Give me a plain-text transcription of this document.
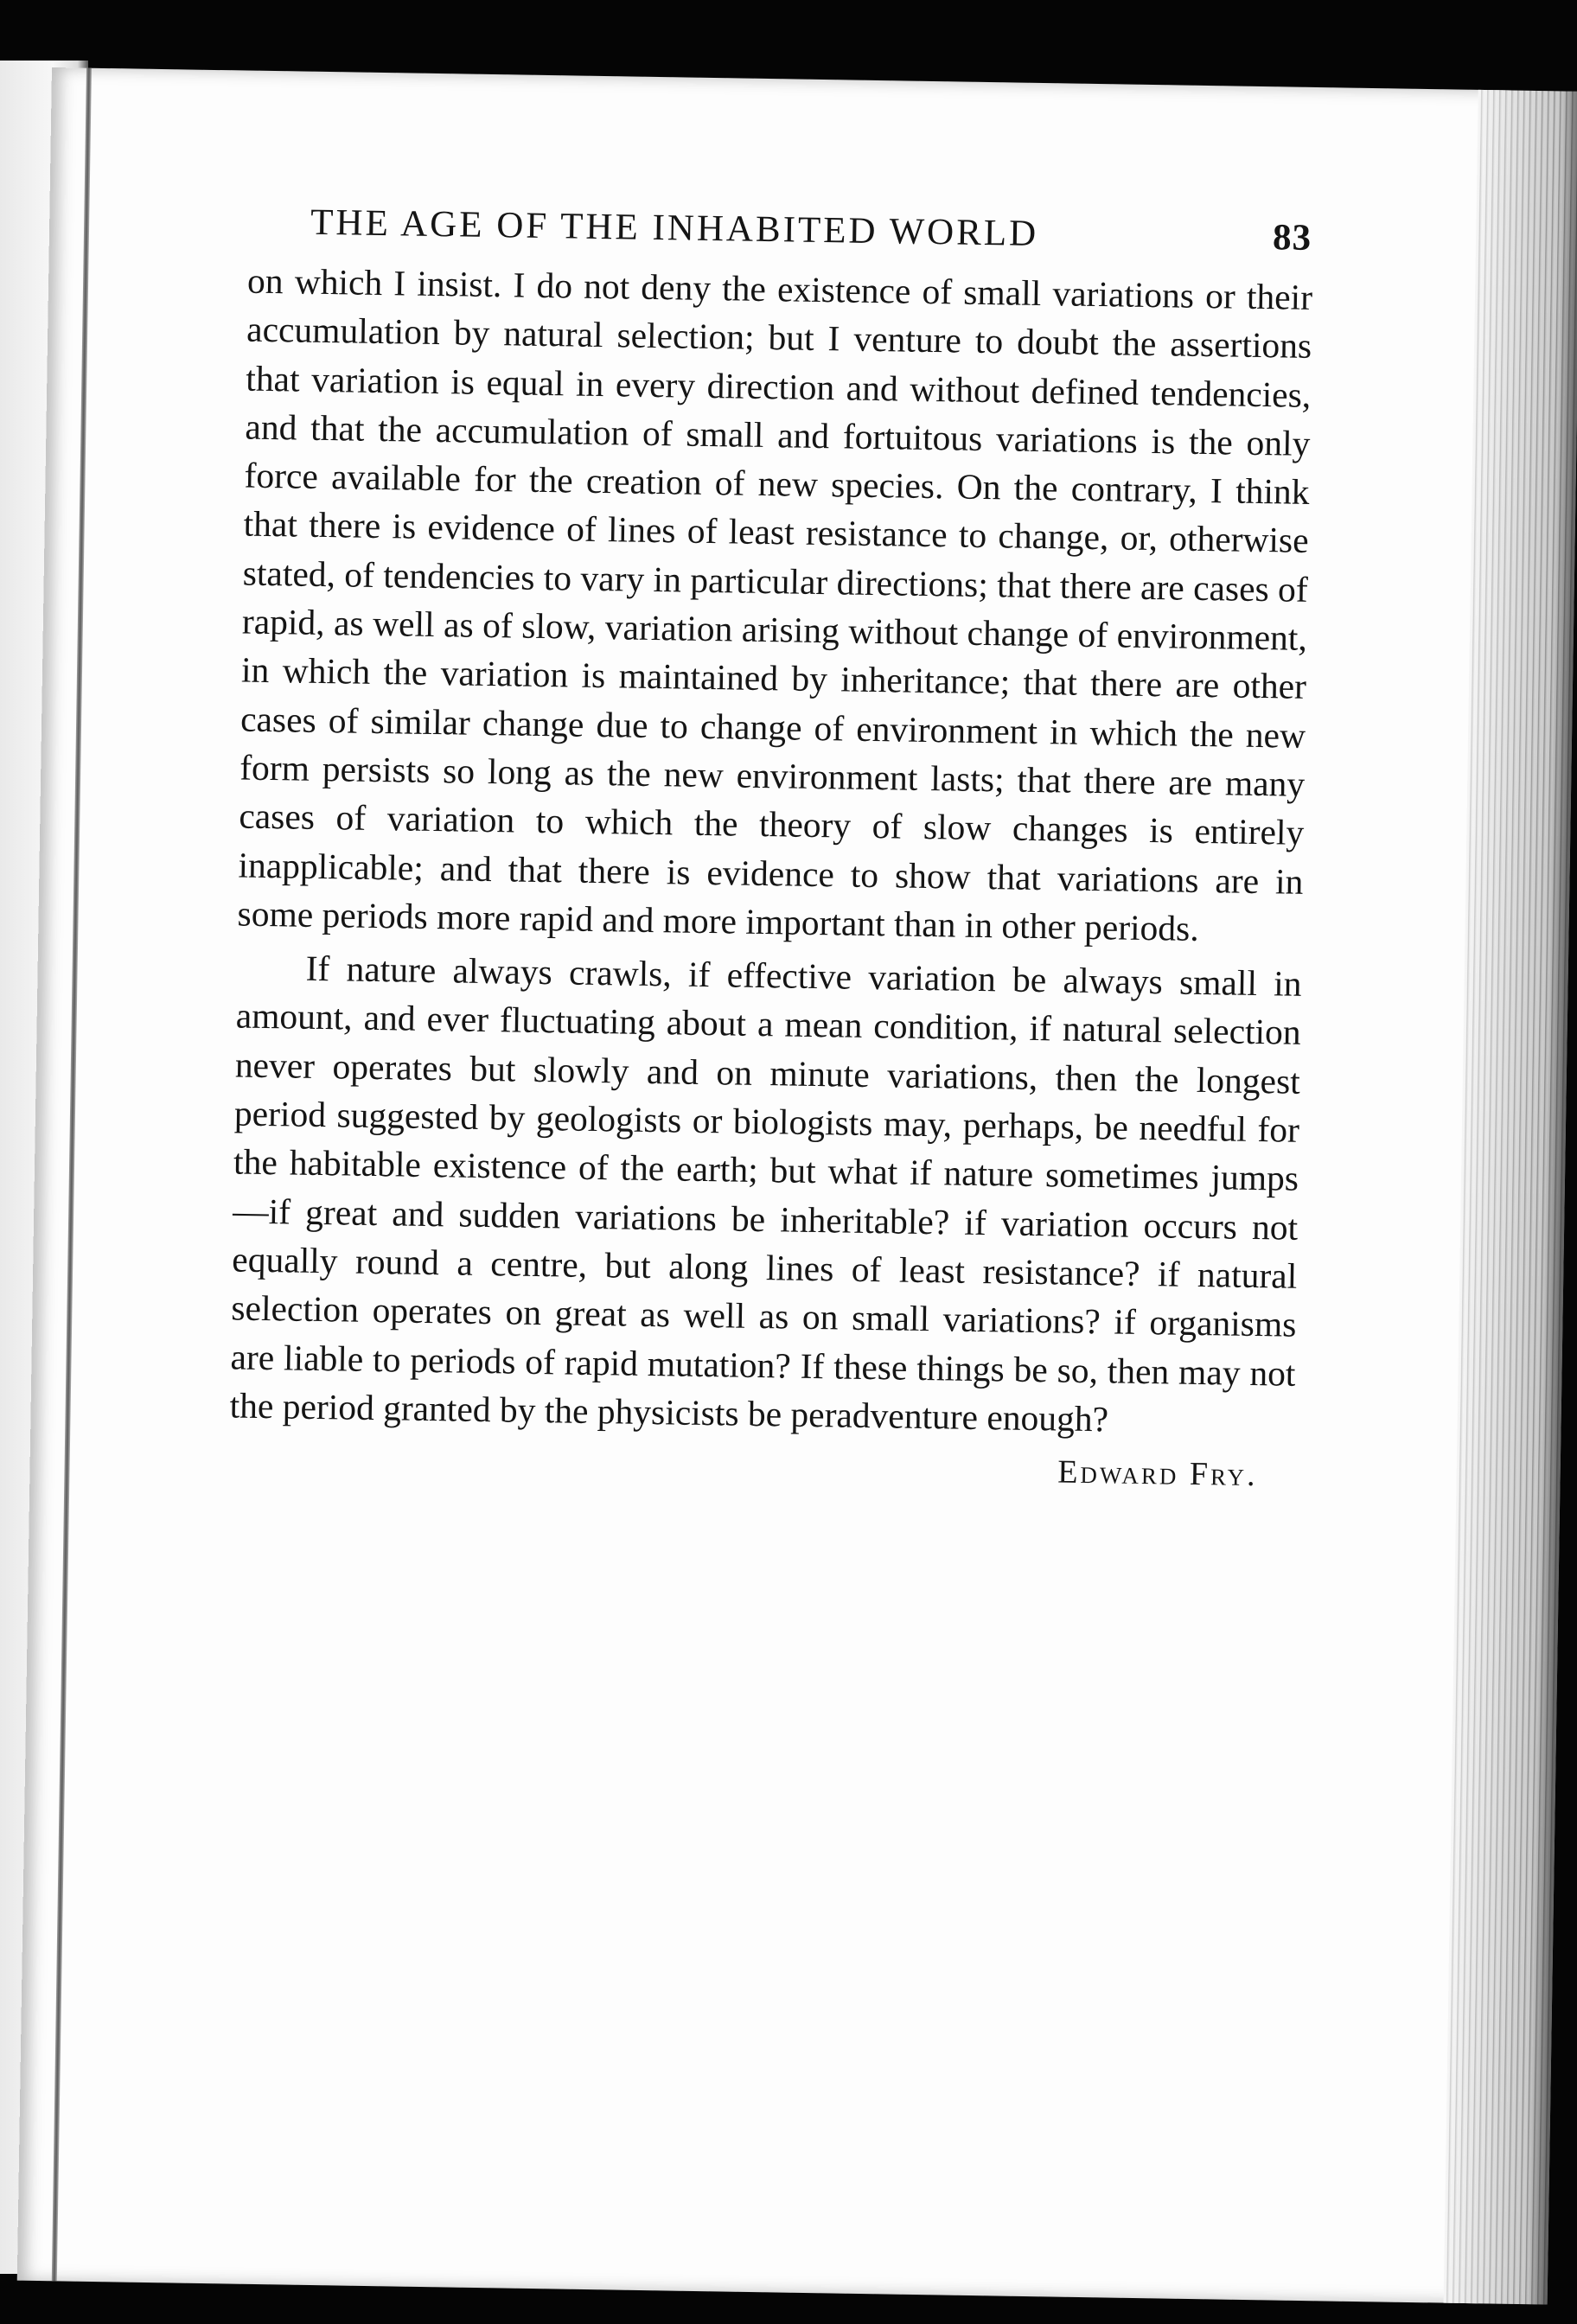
THE AGE OF THE INHABITED WORLD	83

on which I insist. I do not deny the existence of small variations or their accumulation by natural selection; but I venture to doubt the assertions that variation is equal in every direction and without defined tendencies, and that the accumulation of small and fortuitous variations is the only force available for the creation of new species. On the contrary, I think that there is evidence of lines of least resistance to change, or, otherwise stated, of tendencies to vary in particular directions; that there are cases of rapid, as well as of slow, variation arising without change of environment, in which the variation is maintained by inheritance; that there are other cases of similar change due to change of environment in which the new form persists so long as the new environment lasts; that there are many cases of variation to which the theory of slow changes is entirely inapplicable; and that there is evidence to show that variations are in some periods more rapid and more important than in other periods.

If nature always crawls, if effective variation be always small in amount, and ever fluctuating about a mean condition, if natural selection never operates but slowly and on minute variations, then the longest period suggested by geologists or biologists may, perhaps, be needful for the habitable existence of the earth; but what if nature sometimes jumps—if great and sudden variations be inheritable? if variation occurs not equally round a centre, but along lines of least resistance? if natural selection operates on great as well as on small variations? if organisms are liable to periods of rapid mutation? If these things be so, then may not the period granted by the physicists be peradventure enough?

Edward Fry.
